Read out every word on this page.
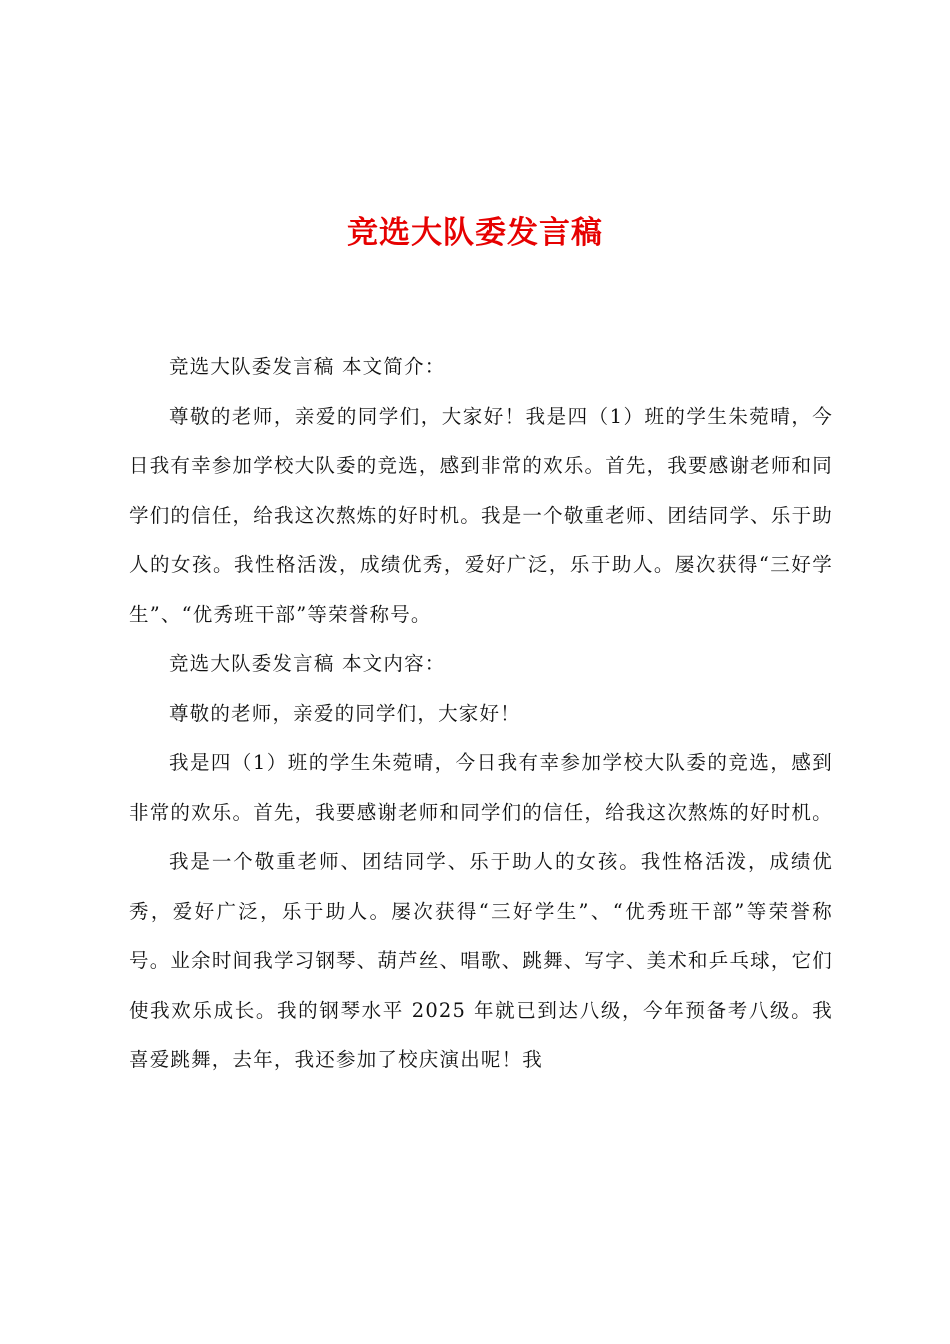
竞选大队委发言稿

竞选大队委发言稿 本文简介：

尊敬的老师，亲爱的同学们，大家好！我是四（1）班的学生朱菀晴，今日我有幸参加学校大队委的竞选，感到非常的欢乐。首先，我要感谢老师和同学们的信任，给我这次熬炼的好时机。我是一个敬重老师、团结同学、乐于助人的女孩。我性格活泼，成绩优秀，爱好广泛，乐于助人。屡次获得“三好学生”、“优秀班干部”等荣誉称号。

竞选大队委发言稿 本文内容：

尊敬的老师，亲爱的同学们，大家好！

我是四（1）班的学生朱菀晴，今日我有幸参加学校大队委的竞选，感到非常的欢乐。首先，我要感谢老师和同学们的信任，给我这次熬炼的好时机。

我是一个敬重老师、团结同学、乐于助人的女孩。我性格活泼，成绩优秀，爱好广泛，乐于助人。屡次获得“三好学生”、“优秀班干部”等荣誉称号。业余时间我学习钢琴、葫芦丝、唱歌、跳舞、写字、美术和乒乓球，它们使我欢乐成长。我的钢琴水平 2025 年就已到达八级，今年预备考八级。我喜爱跳舞，去年，我还参加了校庆演出呢！我
